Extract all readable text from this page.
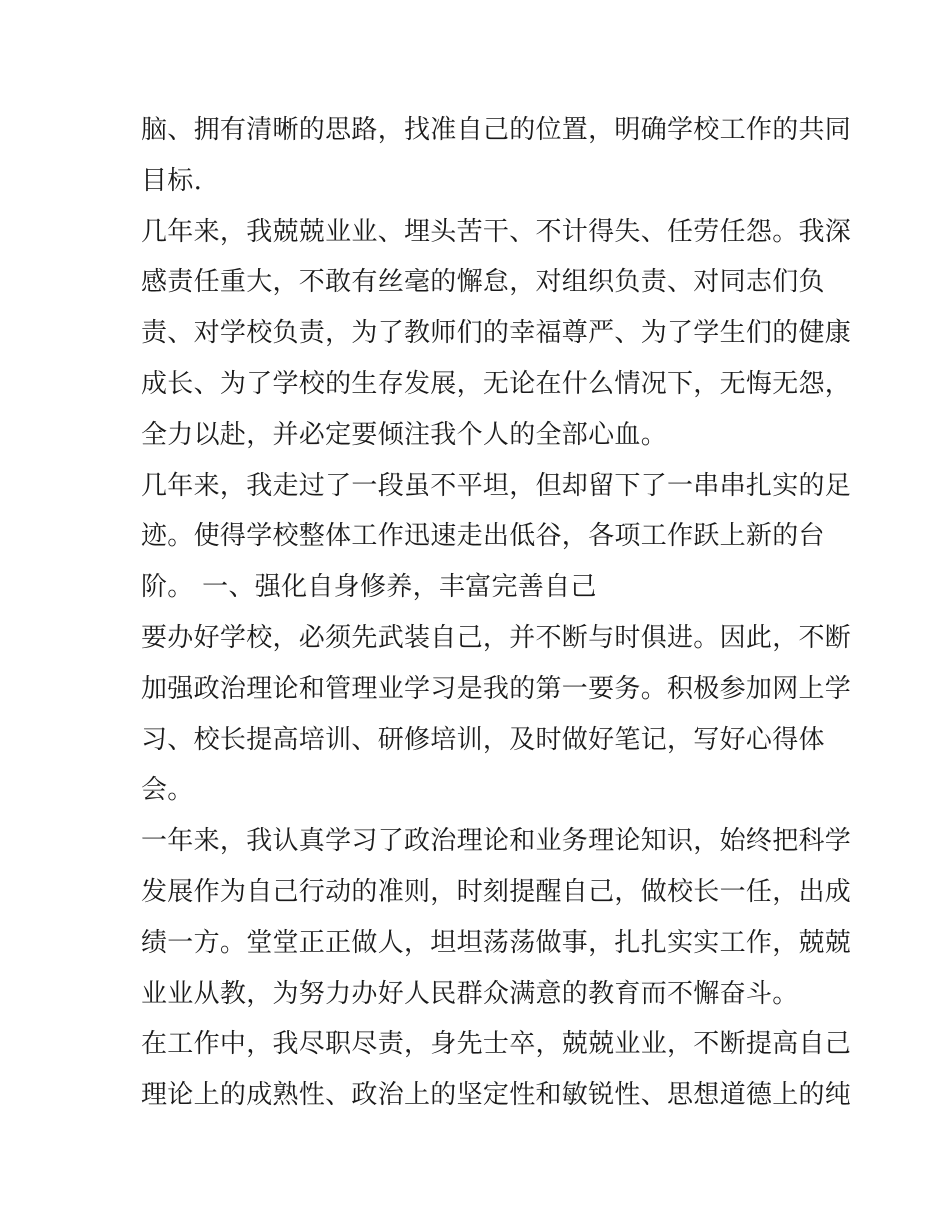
脑、拥有清晰的思路，找准自己的位置，明确学校工作的共同
目标.
几年来，我兢兢业业、埋头苦干、不计得失、任劳任怨。我深
感责任重大，不敢有丝毫的懈怠，对组织负责、对同志们负
责、对学校负责，为了教师们的幸福尊严、为了学生们的健康
成长、为了学校的生存发展，无论在什么情况下，无悔无怨，
全力以赴，并必定要倾注我个人的全部心血。
几年来，我走过了一段虽不平坦，但却留下了一串串扎实的足
迹。使得学校整体工作迅速走出低谷，各项工作跃上新的台
阶。 一、强化自身修养，丰富完善自己
要办好学校，必须先武装自己，并不断与时俱进。因此，不断
加强政治理论和管理业学习是我的第一要务。积极参加网上学
习、校长提高培训、研修培训，及时做好笔记，写好心得体
会。
一年来，我认真学习了政治理论和业务理论知识，始终把科学
发展作为自己行动的准则，时刻提醒自己，做校长一任，出成
绩一方。堂堂正正做人，坦坦荡荡做事，扎扎实实工作，兢兢
业业从教，为努力办好人民群众满意的教育而不懈奋斗。
在工作中，我尽职尽责，身先士卒，兢兢业业，不断提高自己
理论上的成熟性、政治上的坚定性和敏锐性、思想道德上的纯
